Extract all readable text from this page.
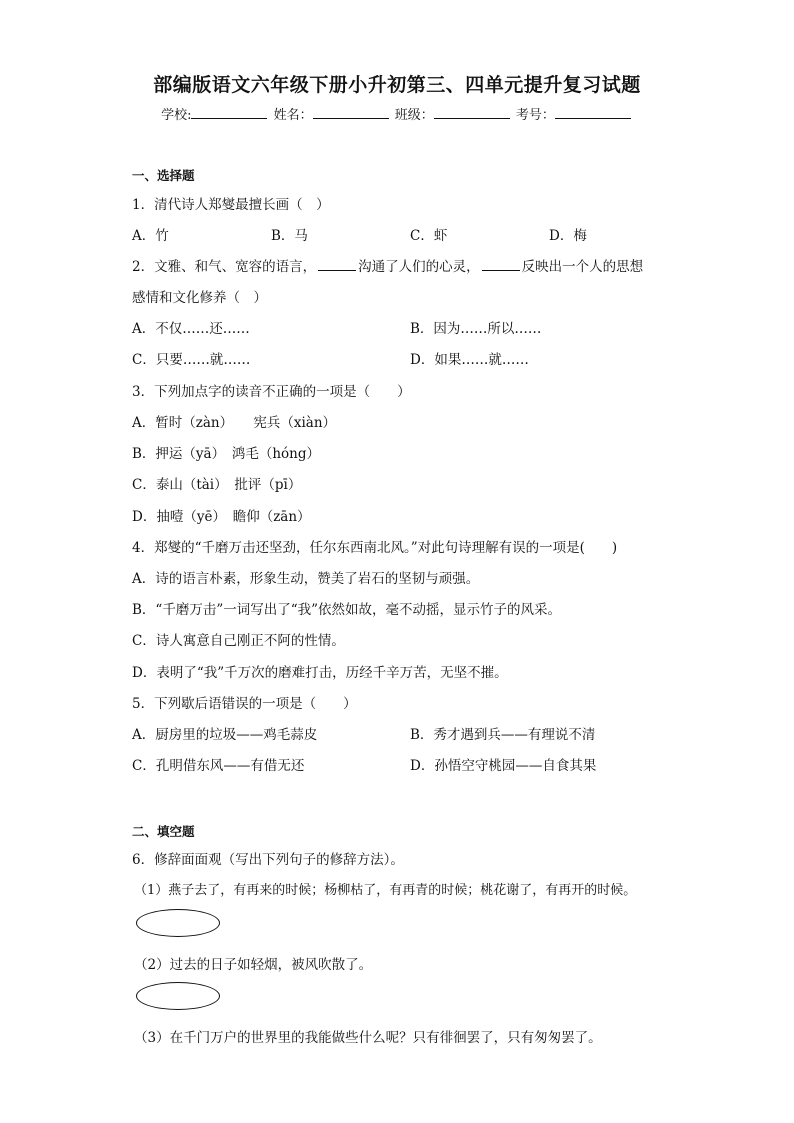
部编版语文六年级下册小升初第三、四单元提升复习试题
学校:	姓名：	班级：	考号：
一、选择题
1．清代诗人郑燮最擅长画（　）
A．竹	B．马	C．虾	D．梅
2．文雅、和气、宽容的语言，	沟通了人们的心灵，	反映出一个人的思想
感情和文化修养（　）
A．不仅……还……	B．因为……所以……
C．只要……就……	D．如果……就……
3．下列加点字的读音不正确的一项是（　　）
A．暂时（zàn）　　宪兵（xiàn）
B．押运（yā）　鸿毛（hóng）
C．泰山（tài）　批评（pī）
D．抽噎（yē）　瞻仰（zān）
4．郑燮的“千磨万击还坚劲，任尔东西南北风。”对此句诗理解有误的一项是(　　)
A．诗的语言朴素，形象生动，赞美了岩石的坚韧与顽强。
B．“千磨万击”一词写出了“我”依然如故，毫不动摇，显示竹子的风采。
C．诗人寓意自己刚正不阿的性情。
D．表明了“我”千万次的磨难打击，历经千辛万苦，无坚不摧。
5．下列歇后语错误的一项是（　　）
A．厨房里的垃圾——鸡毛蒜皮	B．秀才遇到兵——有理说不清
C．孔明借东风——有借无还	D．孙悟空守桃园——自食其果
二、填空题
6．修辞面面观（写出下列句子的修辞方法）。
（1）燕子去了，有再来的时候；杨柳枯了，有再青的时候；桃花谢了，有再开的时候。
（2）过去的日子如轻烟，被风吹散了。
（3）在千门万户的世界里的我能做些什么呢？只有徘徊罢了，只有匆匆罢了。
